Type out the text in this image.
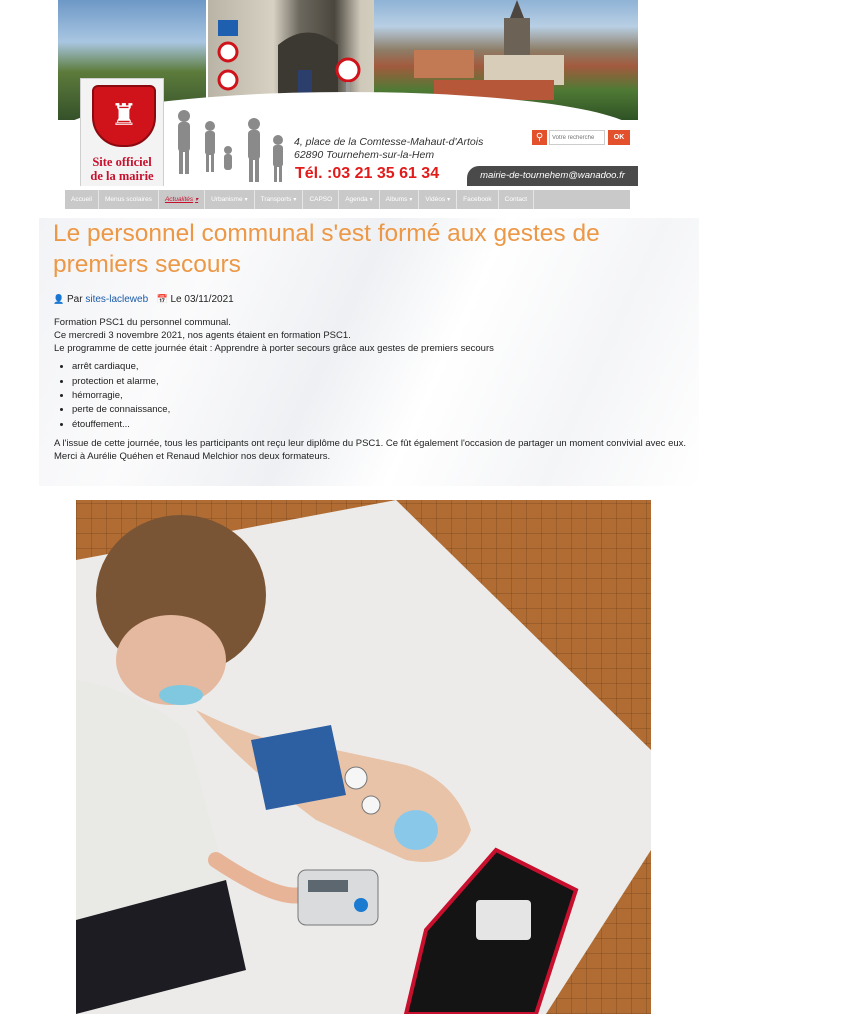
♜
Site officiel
de la mairie
4, place de la Comtesse-Mahaut-d'Artois
62890 Tournehem-sur-la-Hem
Tél. :03 21 35 61 34	mairie-de-tournehem@wanadoo.fr
⚲
Votre recherche	OK
Accueil	Menus scolaires	Actualités ▾	Urbanisme ▾	Transports ▾	CAPSO	Agenda ▾	Albums ▾	Vidéos ▾	Facebook	Contact
Le personnel communal s'est formé aux gestes de premiers secours
👤 Par sites-lacleweb 📅 Le 03/11/2021

Formation PSC1 du personnel communal.

Ce mercredi 3 novembre 2021, nos agents étaient en formation PSC1.

Le programme de cette journée était : Apprendre à porter secours grâce aux gestes de premiers secours

• arrêt cardiaque,
• protection et alarme,
• hémorragie,
• perte de connaissance,
• étouffement...

A l'issue de cette journée, tous les participants ont reçu leur diplôme du PSC1. Ce fût également l'occasion de partager un moment convivial avec eux.

Merci à Aurélie Quéhen et Renaud Melchior nos deux formateurs.
